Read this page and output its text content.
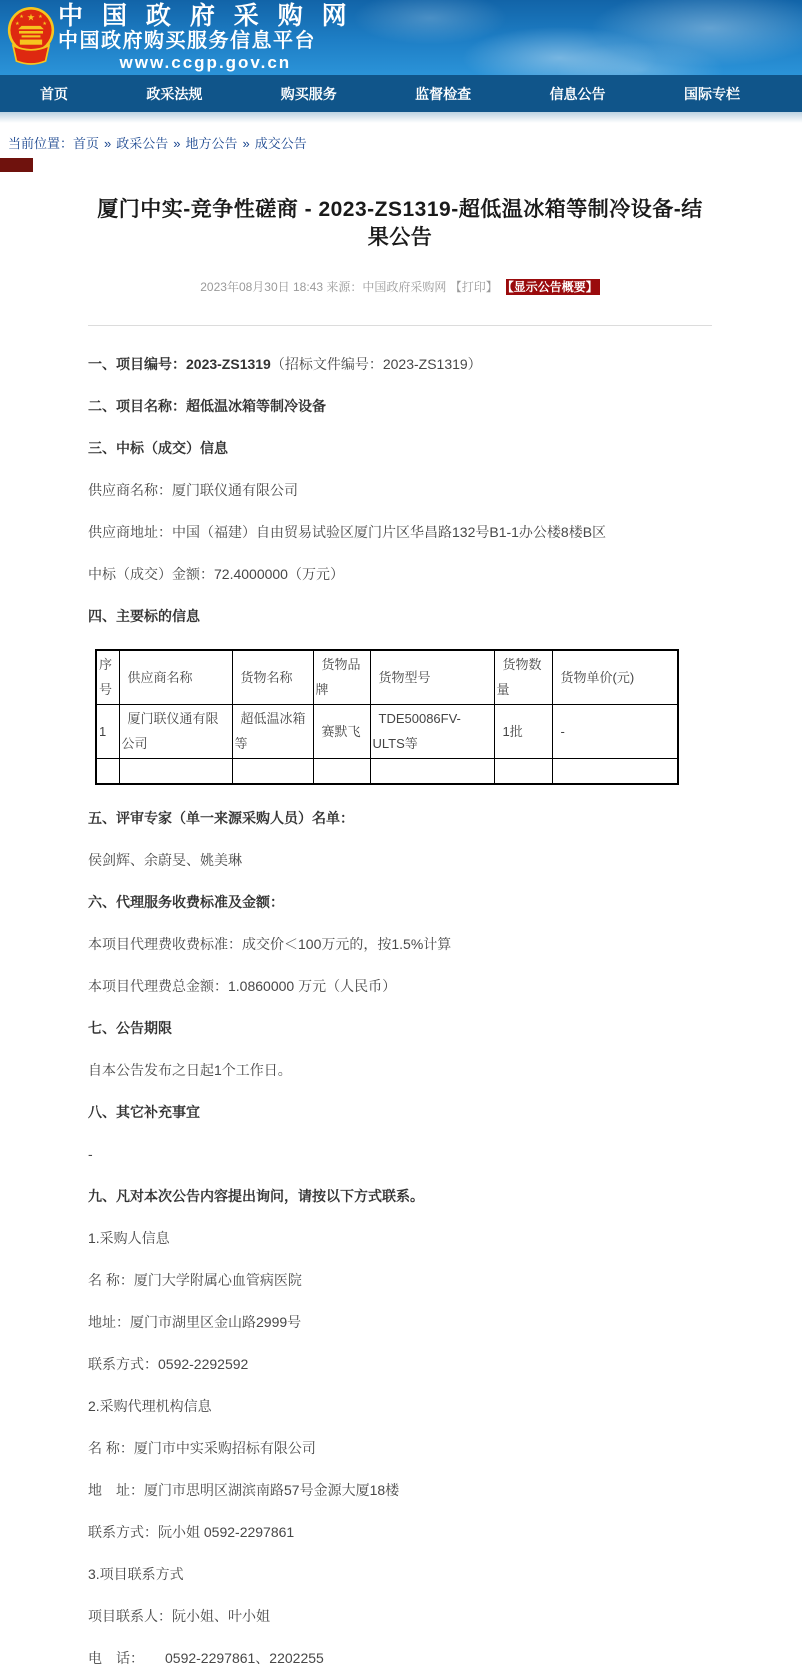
★
★ ★
★	★ 中 国 政 府 采 购 网
中国政府购买服务信息平台
www.ccgp.gov.cn
首页	政采法规	购买服务	监督检查	信息公告	国际专栏
当前位置：首页 » 政采公告 » 地方公告 » 成交公告
厦门中实-竞争性磋商 - 2023-ZS1319-超低温冰箱等制冷设备-结果公告
2023年08月30日 18:43 来源：中国政府采购网 【打印】 【显示公告概要】

一、项目编号：2023-ZS1319（招标文件编号：2023-ZS1319）

二、项目名称：超低温冰箱等制冷设备

三、中标（成交）信息

供应商名称：厦门联仪通有限公司

供应商地址：中国（福建）自由贸易试验区厦门片区华昌路132号B1-1办公楼8楼B区

中标（成交）金额：72.4000000（万元）

四、主要标的信息

序号	供应商名称	货物名称	货物品牌	货物型号	货物数量	货物单价(元)
1	厦门联仪通有限公司	超低温冰箱等	赛默飞	TDE50086FV-ULTS等	1批	-

五、评审专家（单一来源采购人员）名单：

侯剑辉、余蔚旻、姚美琳

六、代理服务收费标准及金额：

本项目代理费收费标准：成交价＜100万元的，按1.5%计算

本项目代理费总金额：1.0860000 万元（人民币）

七、公告期限

自本公告发布之日起1个工作日。

八、其它补充事宜

-

九、凡对本次公告内容提出询问，请按以下方式联系。

1.采购人信息

名 称：厦门大学附属心血管病医院

地址：厦门市湖里区金山路2999号

联系方式：0592-2292592

2.采购代理机构信息

名 称：厦门市中实采购招标有限公司

地　址：厦门市思明区湖滨南路57号金源大厦18楼

联系方式：阮小姐 0592-2297861

3.项目联系方式

项目联系人：阮小姐、叶小姐

电　话：　　0592-2297861、2202255
